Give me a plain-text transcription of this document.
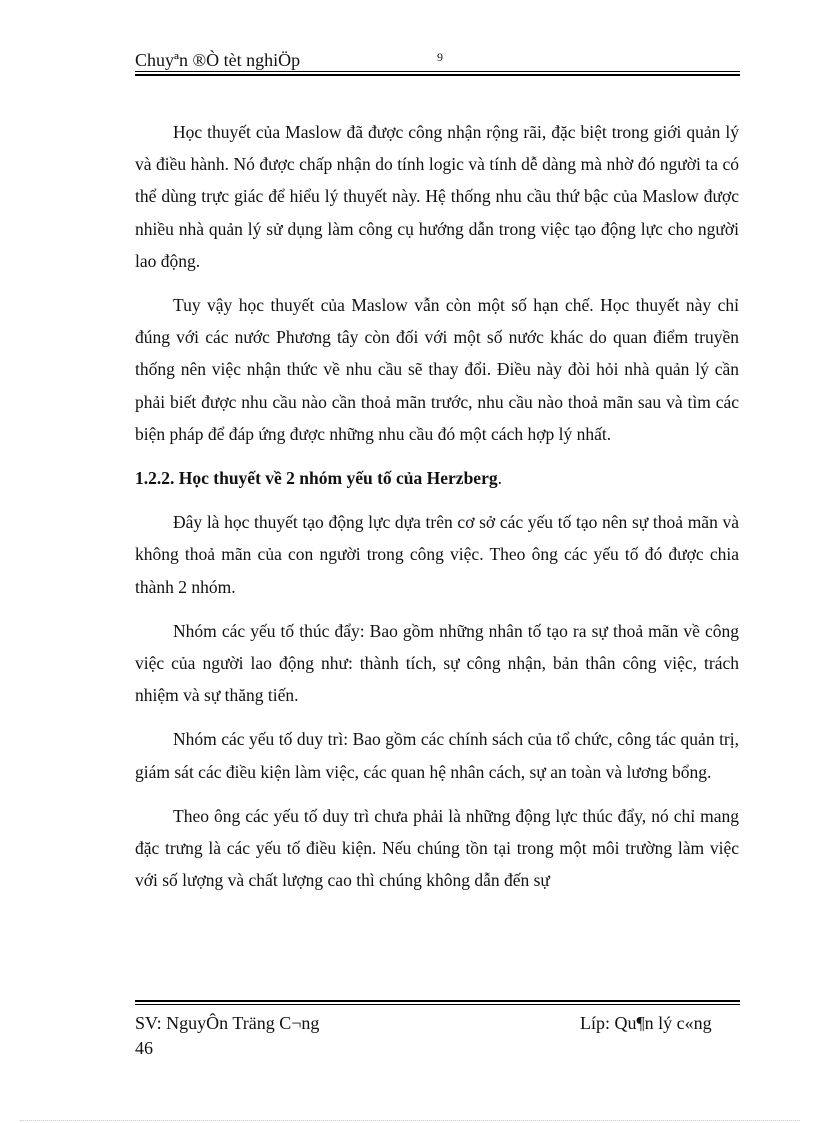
Chuyªn ®Ò tèt nghiÖp	9

Học thuyết của Maslow đã được công nhận rộng rãi, đặc biệt trong giới quản lý và điều hành. Nó được chấp nhận do tính logic và tính dễ dàng mà nhờ đó người ta có thể dùng trực giác để hiểu lý thuyết này. Hệ thống nhu cầu thứ bậc của Maslow được nhiều nhà quản lý sử dụng làm công cụ hướng dẫn trong việc tạo động lực cho người lao động.

Tuy vậy học thuyết của Maslow vẫn còn một số hạn chế. Học thuyết này chỉ đúng với các nước Phương tây còn đối với một số nước khác do quan điểm truyền thống nên việc nhận thức về nhu cầu sẽ thay đổi. Điều này đòi hỏi nhà quản lý cần phải biết được nhu cầu nào cần thoả mãn trước, nhu cầu nào thoả mãn sau và tìm các biện pháp để đáp ứng được những nhu cầu đó một cách hợp lý nhất.

1.2.2. Học thuyết về 2 nhóm yếu tố của Herzberg.

Đây là học thuyết tạo động lực dựa trên cơ sở các yếu tố tạo nên sự thoả mãn và không thoả mãn của con người trong công việc. Theo ông các yếu tố đó được chia thành 2 nhóm.

Nhóm các yếu tố thúc đẩy: Bao gồm những nhân tố tạo ra sự thoả mãn về công việc của người lao động như: thành tích, sự công nhận, bản thân công việc, trách nhiệm và sự thăng tiến.

Nhóm các yếu tố duy trì: Bao gồm các chính sách của tổ chức, công tác quản trị, giám sát các điều kiện làm việc, các quan hệ nhân cách, sự an toàn và lương bổng.

Theo ông các yếu tố duy trì chưa phải là những động lực thúc đẩy, nó chỉ mang đặc trưng là các yếu tố điều kiện. Nếu chúng tồn tại trong một môi trường làm việc với số lượng và chất lượng cao thì chúng không dẫn đến sự

SV: NguyÔn Träng C¬ng	Líp: Qu¶n lý c«ng
46
